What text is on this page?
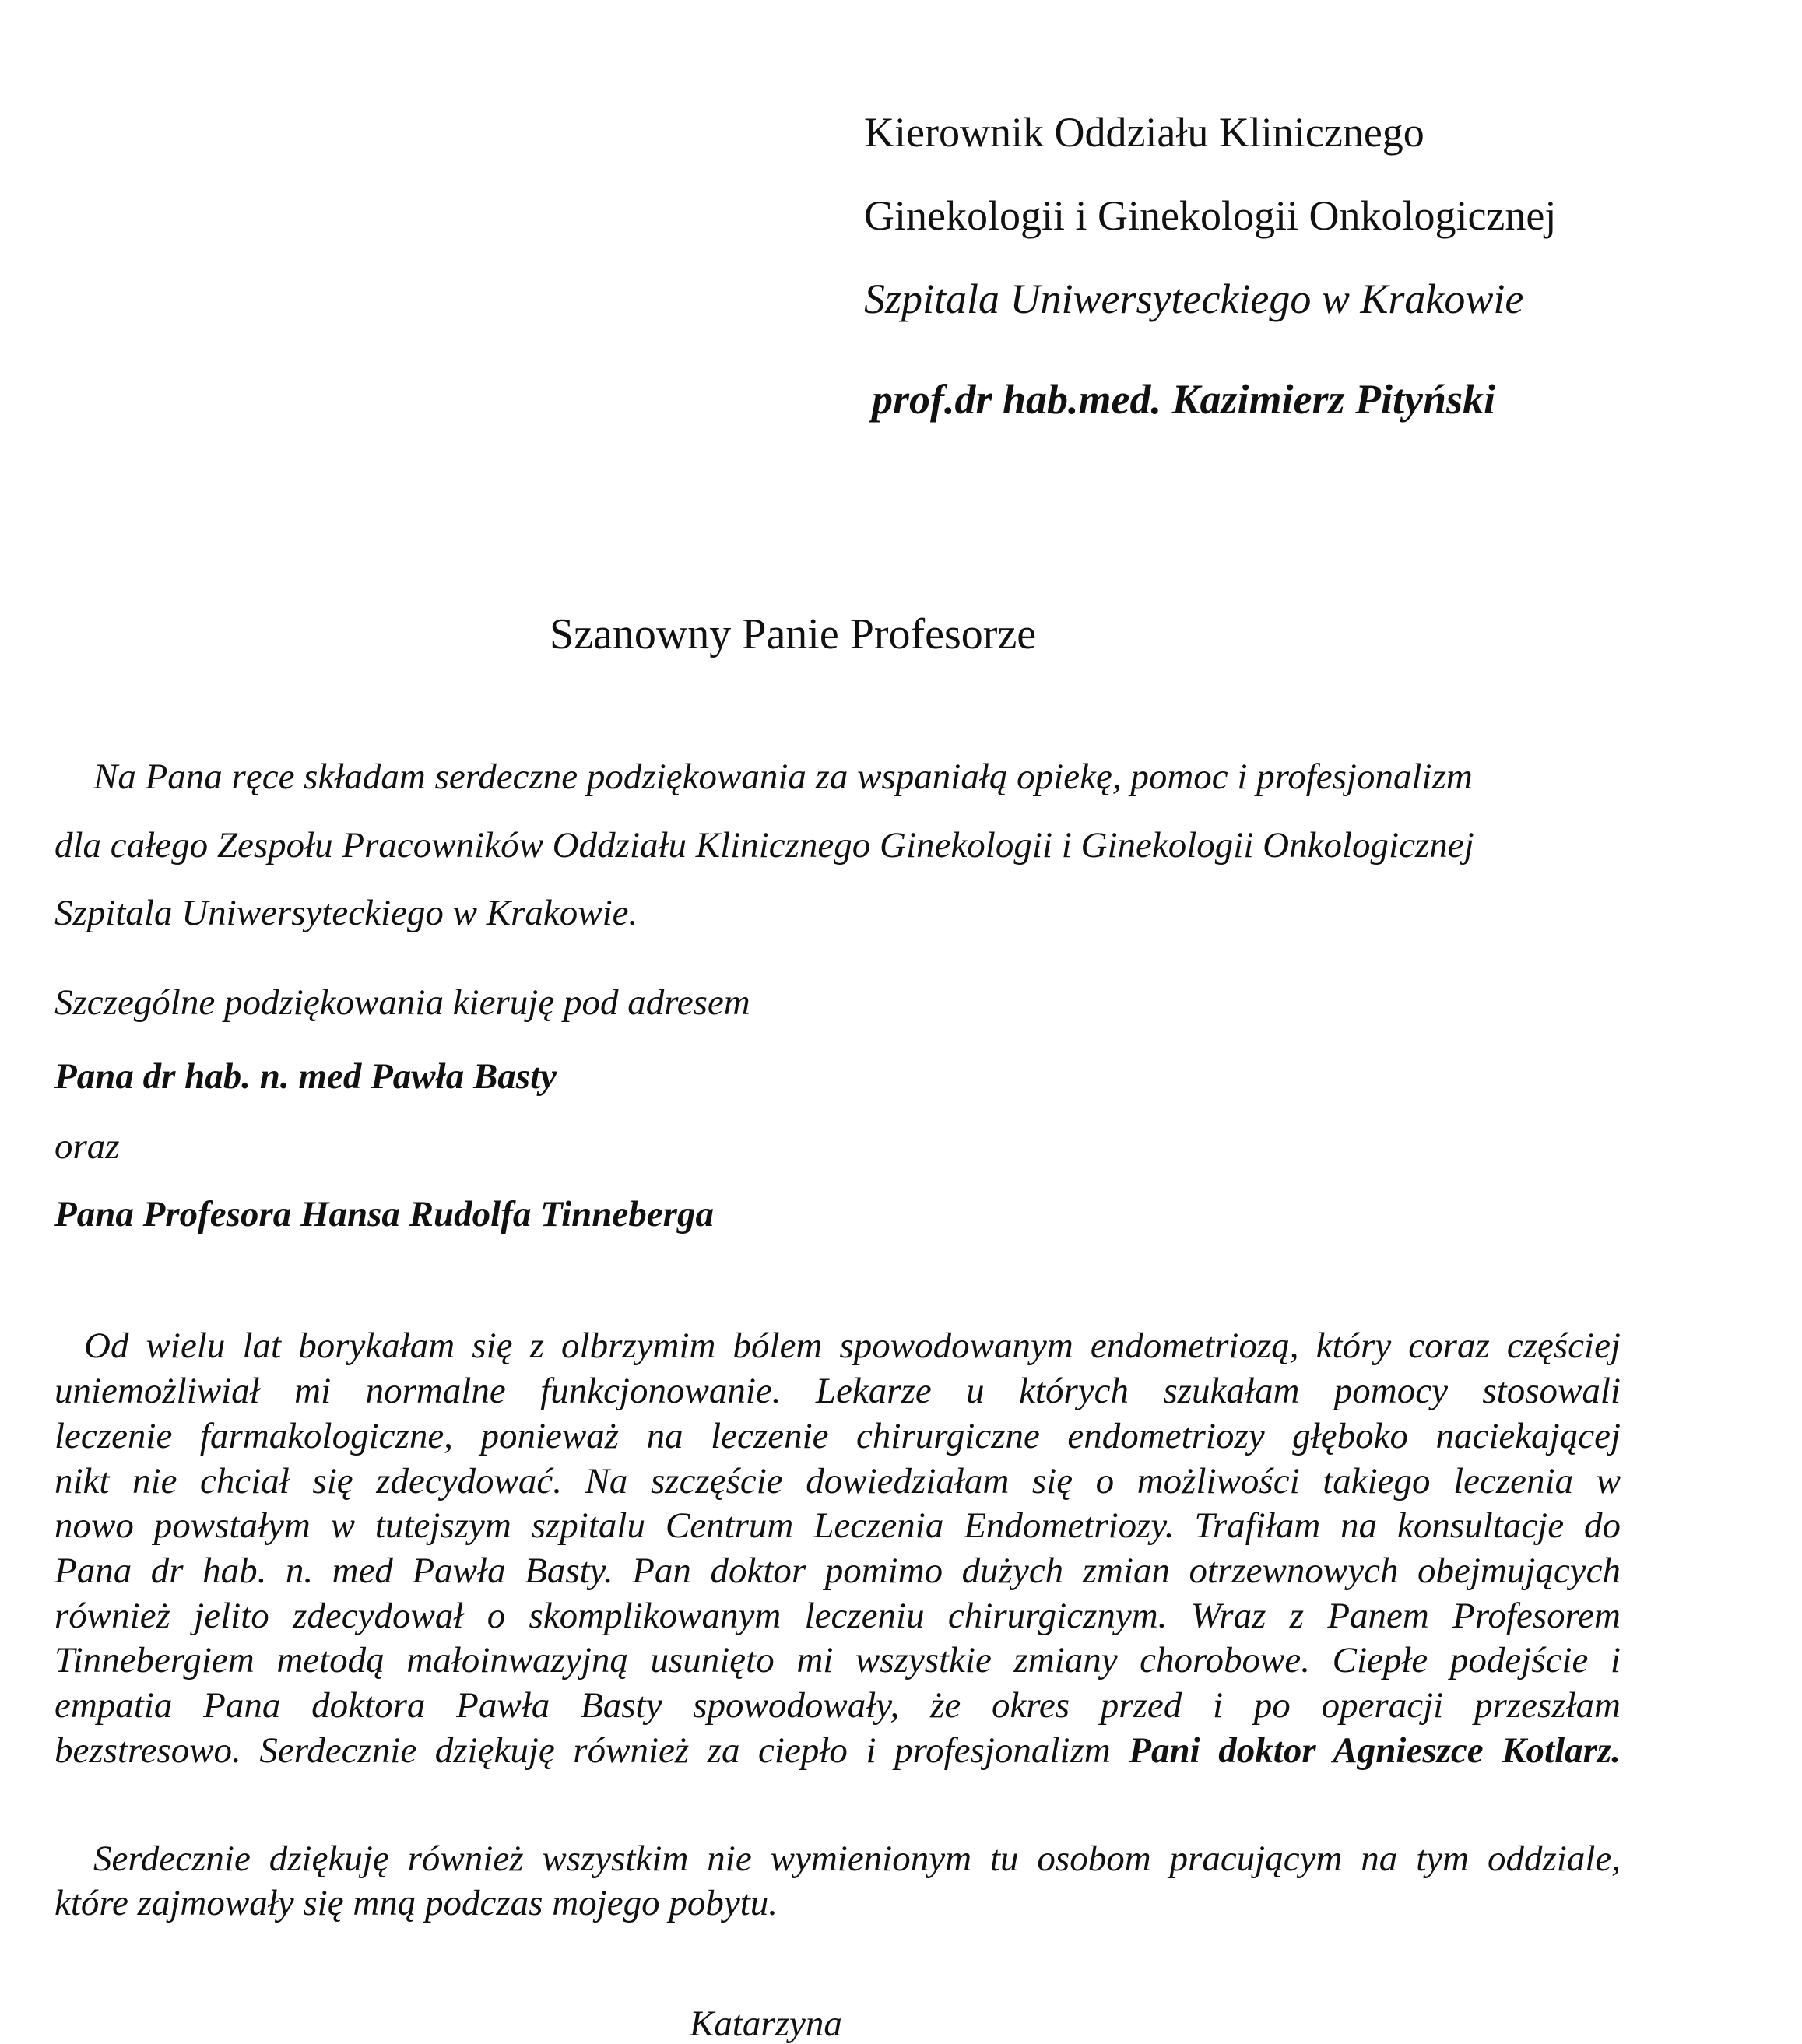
Kierownik Oddziału Klinicznego
Ginekologii i Ginekologii Onkologicznej
Szpitala Uniwersyteckiego w Krakowie
prof.dr hab.med. Kazimierz Pityński
Szanowny Panie Profesorze
Na Pana ręce składam serdeczne podziękowania za wspaniałą opiekę, pomoc i profesjonalizm
dla całego Zespołu Pracowników Oddziału Klinicznego Ginekologii i Ginekologii Onkologicznej
Szpitala Uniwersyteckiego w Krakowie.
Szczególne podziękowania kieruję pod adresem
Pana dr hab. n. med Pawła Basty
oraz
Pana Profesora Hansa Rudolfa Tinneberga
Od wielu lat borykałam się z olbrzymim bólem spowodowanym endometriozą, który coraz częściej
uniemożliwiał mi normalne funkcjonowanie. Lekarze u których szukałam pomocy stosowali
leczenie farmakologiczne, ponieważ na leczenie chirurgiczne endometriozy głęboko naciekającej
nikt nie chciał się zdecydować. Na szczęście dowiedziałam się o możliwości takiego leczenia w
nowo powstałym w tutejszym szpitalu Centrum Leczenia Endometriozy. Trafiłam na konsultacje do
Pana dr hab. n. med Pawła Basty. Pan doktor pomimo dużych zmian otrzewnowych obejmujących
również jelito zdecydował o skomplikowanym leczeniu chirurgicznym. Wraz z Panem Profesorem
Tinnebergiem metodą małoinwazyjną usunięto mi wszystkie zmiany chorobowe. Ciepłe podejście i
empatia Pana doktora Pawła Basty spowodowały, że okres przed i po operacji przeszłam
bezstresowo. Serdecznie dziękuję również za ciepło i profesjonalizm Pani doktor Agnieszce Kotlarz.
Serdecznie dziękuję również wszystkim nie wymienionym tu osobom pracującym na tym oddziale,
które zajmowały się mną podczas mojego pobytu.
Katarzyna
